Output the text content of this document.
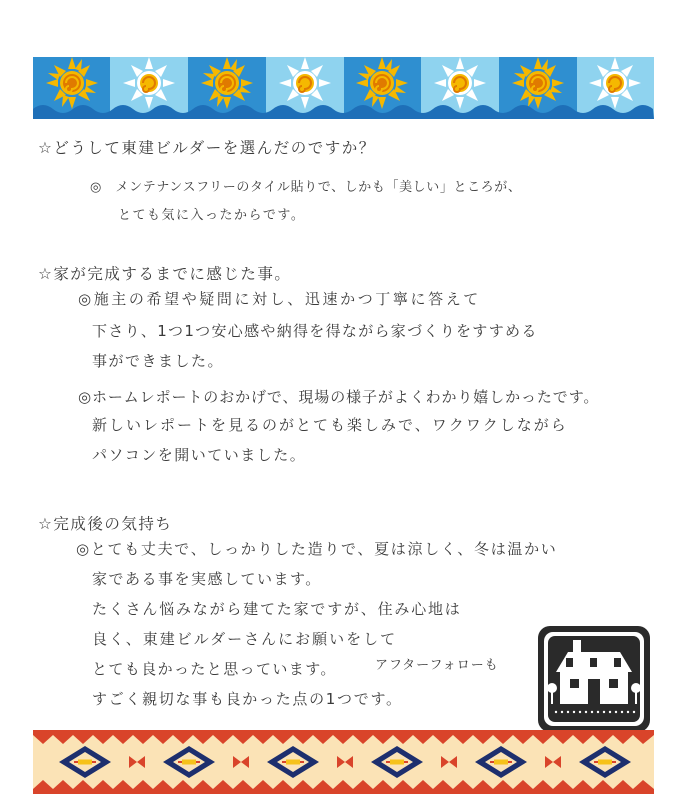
☆どうして東建ビルダーを選んだのですか？
◎　メンテナンスフリーのタイル貼りで、しかも「美しい」ところが、
とても気に入ったからです。
☆家が完成するまでに感じた事。
◎施主の希望や疑問に対し、迅速かつ丁寧に答えて
下さり、1つ1つ安心感や納得を得ながら家づくりをすすめる
事ができました。
◎ホームレポートのおかげで、現場の様子がよくわかり嬉しかったです。
新しいレポートを見るのがとても楽しみで、ワクワクしながら
パソコンを開いていました。
☆完成後の気持ち
◎とても丈夫で、しっかりした造りで、夏は涼しく、冬は温かい
家である事を実感しています。
たくさん悩みながら建てた家ですが、住み心地は
良く、東建ビルダーさんにお願いをして
とても良かったと思っています。	アフターフォローも
すごく親切な事も良かった点の1つです。
